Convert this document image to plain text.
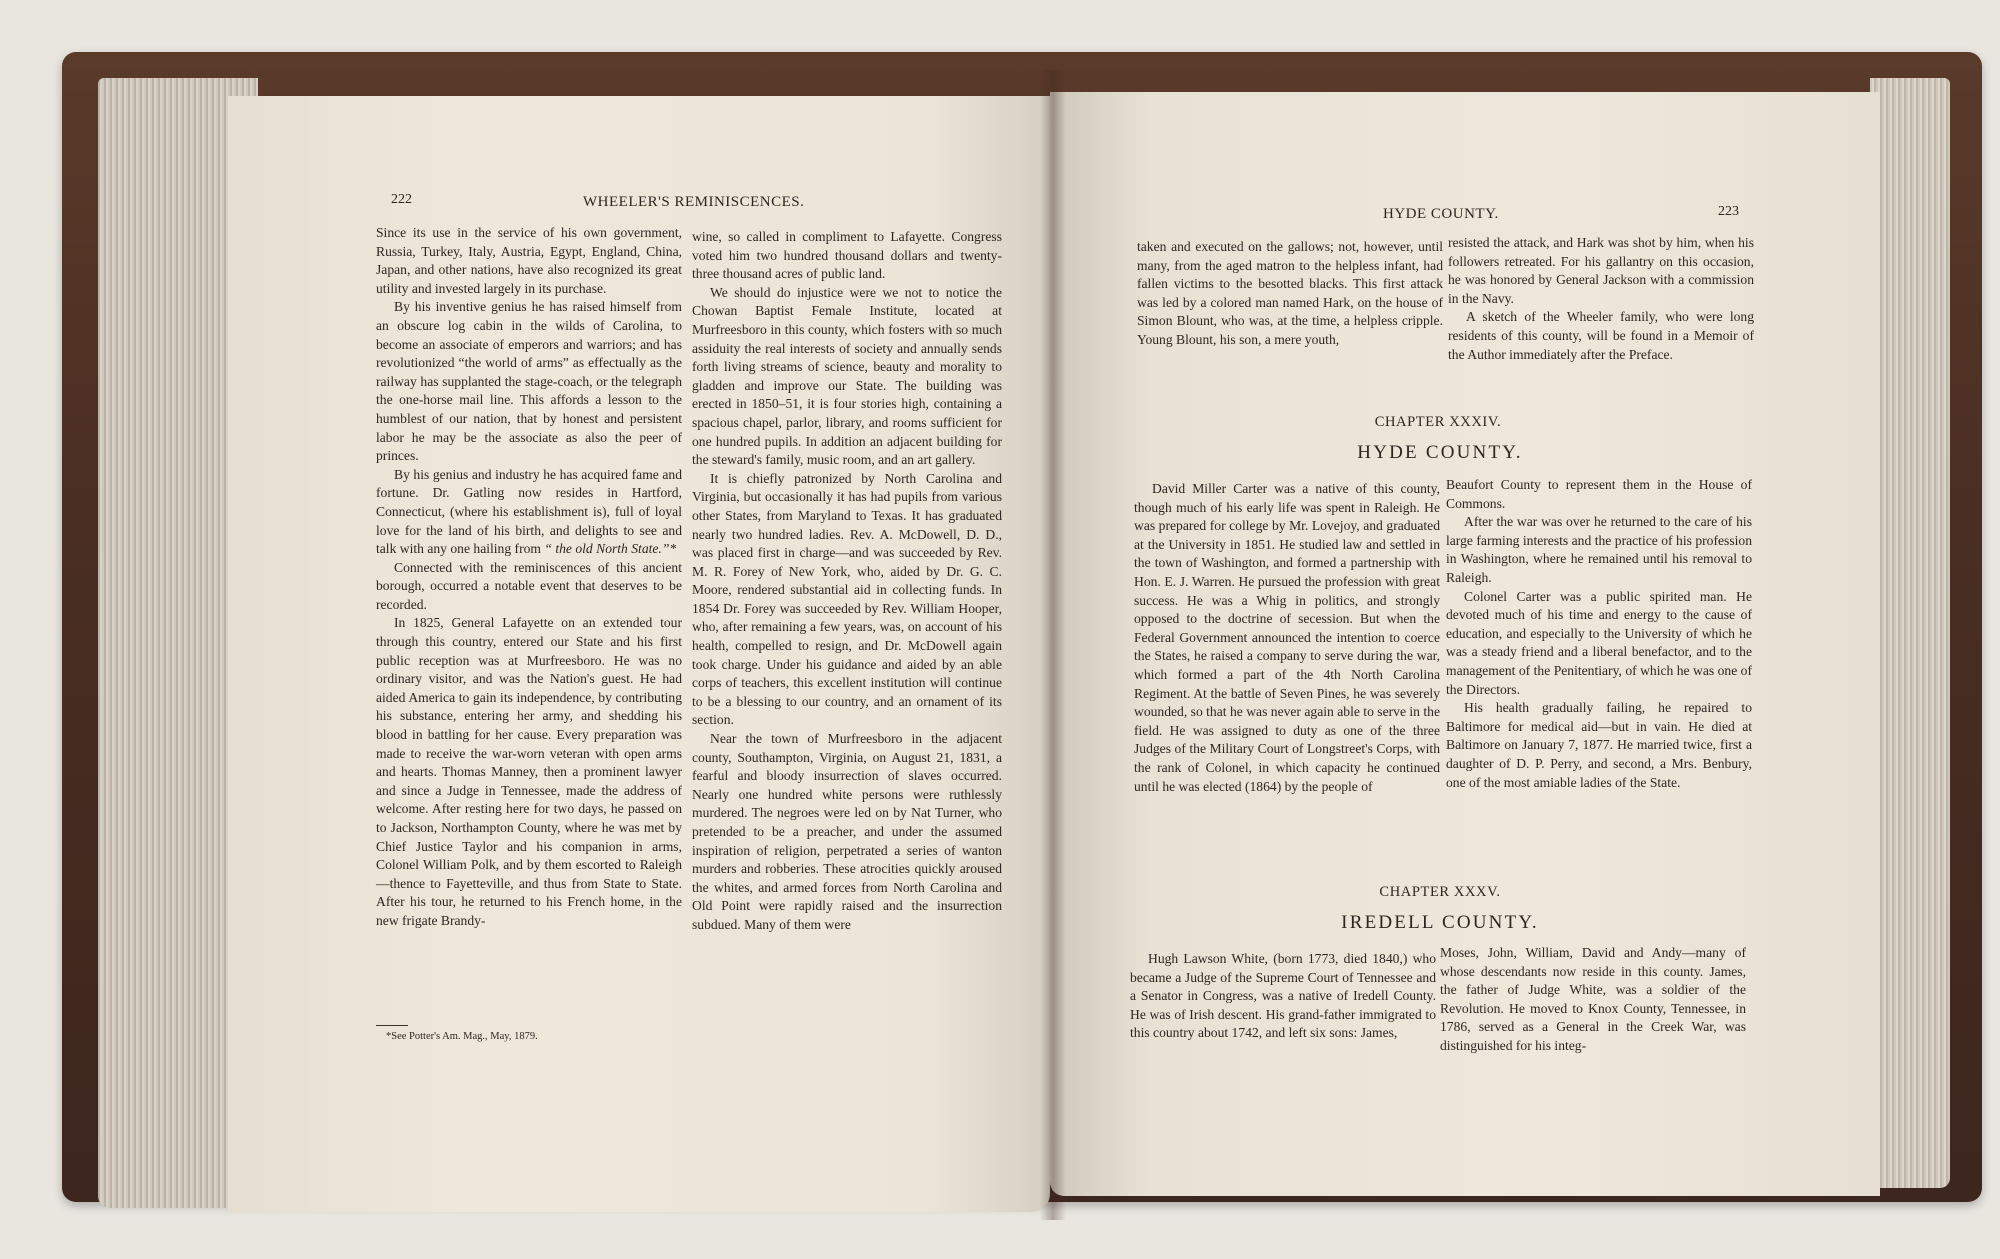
222	WHEELER'S REMINISCENCES.

Since its use in the service of his own government, Russia, Turkey, Italy, Austria, Egypt, England, China, Japan, and other nations, have also recognized its great utility and invested largely in its purchase.

By his inventive genius he has raised himself from an obscure log cabin in the wilds of Carolina, to become an associate of emperors and warriors; and has revolutionized “the world of arms” as effectually as the railway has supplanted the stage-coach, or the telegraph the one-horse mail line. This affords a lesson to the humblest of our nation, that by honest and persistent labor he may be the associate as also the peer of princes.

By his genius and industry he has acquired fame and fortune. Dr. Gatling now resides in Hartford, Connecticut, (where his establishment is), full of loyal love for the land of his birth, and delights to see and talk with any one hailing from “ the old North State.”*

Connected with the reminiscences of this ancient borough, occurred a notable event that deserves to be recorded.

In 1825, General Lafayette on an extended tour through this country, entered our State and his first public reception was at Murfreesboro. He was no ordinary visitor, and was the Nation's guest. He had aided America to gain its independence, by contributing his substance, entering her army, and shedding his blood in battling for her cause. Every preparation was made to receive the war-worn veteran with open arms and hearts. Thomas Manney, then a prominent lawyer and since a Judge in Tennessee, made the address of welcome. After resting here for two days, he passed on to Jackson, Northampton County, where he was met by Chief Justice Taylor and his companion in arms, Colonel William Polk, and by them escorted to Raleigh—thence to Fayetteville, and thus from State to State. After his tour, he returned to his French home, in the new frigate Brandy-

wine, so called in compliment to Lafayette. Congress voted him two hundred thousand dollars and twenty-three thousand acres of public land.

We should do injustice were we not to notice the Chowan Baptist Female Institute, located at Murfreesboro in this county, which fosters with so much assiduity the real interests of society and annually sends forth living streams of science, beauty and morality to gladden and improve our State. The building was erected in 1850–51, it is four stories high, containing a spacious chapel, parlor, library, and rooms sufficient for one hundred pupils. In addition an adjacent building for the steward's family, music room, and an art gallery.

It is chiefly patronized by North Carolina and Virginia, but occasionally it has had pupils from various other States, from Maryland to Texas. It has graduated nearly two hundred ladies. Rev. A. McDowell, D. D., was placed first in charge—and was succeeded by Rev. M. R. Forey of New York, who, aided by Dr. G. C. Moore, rendered substantial aid in collecting funds. In 1854 Dr. Forey was succeeded by Rev. William Hooper, who, after remaining a few years, was, on account of his health, compelled to resign, and Dr. McDowell again took charge. Under his guidance and aided by an able corps of teachers, this excellent institution will continue to be a blessing to our country, and an ornament of its section.

Near the town of Murfreesboro in the adjacent county, Southampton, Virginia, on August 21, 1831, a fearful and bloody insurrection of slaves occurred. Nearly one hundred white persons were ruthlessly murdered. The negroes were led on by Nat Turner, who pretended to be a preacher, and under the assumed inspiration of religion, perpetrated a series of wanton murders and robberies. These atrocities quickly aroused the whites, and armed forces from North Carolina and Old Point were rapidly raised and the insurrection subdued. Many of them were

*See Potter's Am. Mag., May, 1879.
HYDE COUNTY.	223

taken and executed on the gallows; not, however, until many, from the aged matron to the helpless infant, had fallen victims to the besotted blacks. This first attack was led by a colored man named Hark, on the house of Simon Blount, who was, at the time, a helpless cripple. Young Blount, his son, a mere youth,

resisted the attack, and Hark was shot by him, when his followers retreated. For his gallantry on this occasion, he was honored by General Jackson with a commission in the Navy.

A sketch of the Wheeler family, who were long residents of this county, will be found in a Memoir of the Author immediately after the Preface.

CHAPTER XXXIV.
HYDE COUNTY.

David Miller Carter was a native of this county, though much of his early life was spent in Raleigh. He was prepared for college by Mr. Lovejoy, and graduated at the University in 1851. He studied law and settled in the town of Washington, and formed a partnership with Hon. E. J. Warren. He pursued the profession with great success. He was a Whig in politics, and strongly opposed to the doctrine of secession. But when the Federal Government announced the intention to coerce the States, he raised a company to serve during the war, which formed a part of the 4th North Carolina Regiment. At the battle of Seven Pines, he was severely wounded, so that he was never again able to serve in the field. He was assigned to duty as one of the three Judges of the Military Court of Longstreet's Corps, with the rank of Colonel, in which capacity he continued until he was elected (1864) by the people of

Beaufort County to represent them in the House of Commons.

After the war was over he returned to the care of his large farming interests and the practice of his profession in Washington, where he remained until his removal to Raleigh.

Colonel Carter was a public spirited man. He devoted much of his time and energy to the cause of education, and especially to the University of which he was a steady friend and a liberal benefactor, and to the management of the Penitentiary, of which he was one of the Directors.

His health gradually failing, he repaired to Baltimore for medical aid—but in vain. He died at Baltimore on January 7, 1877. He married twice, first a daughter of D. P. Perry, and second, a Mrs. Benbury, one of the most amiable ladies of the State.

CHAPTER XXXV.
IREDELL COUNTY.

Hugh Lawson White, (born 1773, died 1840,) who became a Judge of the Supreme Court of Tennessee and a Senator in Congress, was a native of Iredell County. He was of Irish descent. His grand-father immigrated to this country about 1742, and left six sons: James,

Moses, John, William, David and Andy—many of whose descendants now reside in this county. James, the father of Judge White, was a soldier of the Revolution. He moved to Knox County, Tennessee, in 1786, served as a General in the Creek War, was distinguished for his integ-
